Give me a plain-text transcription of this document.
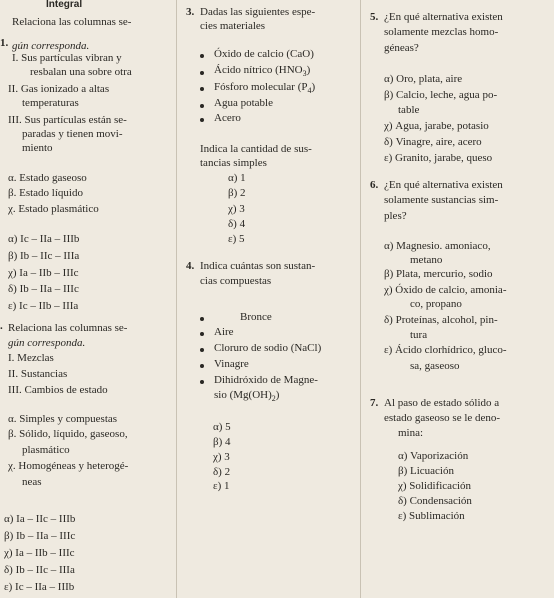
Integral
1.
Relaciona las columnas se-
gún corresponda.
I. Sus partículas vibran y
resbalan una sobre otra
II. Gas ionizado a altas
temperaturas
III. Sus partículas están se-
paradas y tienen movi-
miento
α. Estado gaseoso
β. Estado líquido
χ. Estado plasmático
α) Ic – IIa – IIIb
β) Ib – IIc – IIIa
χ) Ia – IIb – IIIc
δ) Ib – IIa – IIIc
ε) Ic – IIb – IIIa
. Relaciona las columnas se-
gún corresponda.
I. Mezclas
II. Sustancias
III. Cambios de estado
α. Simples y compuestas
β. Sólido, líquido, gaseoso,
plasmático
χ. Homogéneas y heterogé-
neas
α) Ia – IIc – IIIb
β) Ib – IIa – IIIc
χ) Ia – IIb – IIIc
δ) Ib – IIc – IIIa
ε) Ic – IIa – IIIb
3. Dadas las siguientes espe-
cies materiales
Óxido de calcio (CaO)
Ácido nítrico $(HNO_3)$
Fósforo molecular $(P_4)$
Agua potable
Acero
Indica la cantidad de sus-
tancias simples
α) 1
β) 2
χ) 3
δ) 4
ε) 5
4. Indica cuántas son sustan-
cias compuestas
Bronce
Aire
Cloruro de sodio (NaCl)
Vinagre
Dihidróxido de Magne-
sio $(Mg(OH)_2)$
α) 5
β) 4
χ) 3
δ) 2
ε) 1
5. ¿En qué alternativa existen
solamente mezclas homo-
géneas?
α) Oro, plata, aire
β) Calcio, leche, agua po-
table
χ) Agua, jarabe, potasio
δ) Vinagre, aire, acero
ε) Granito, jarabe, queso
6. ¿En qué alternativa existen
solamente sustancias sim-
ples?
α) Magnesio. amoniaco,
metano
β) Plata, mercurio, sodio
χ) Óxido de calcio, amonia-
co, propano
δ) Proteínas, alcohol, pin-
tura
ε) Ácido clorhídrico, gluco-
sa, gaseoso
7. Al paso de estado sólido a
estado gaseoso se le deno-
mina:
α) Vaporización
β) Licuación
χ) Solidificación
δ) Condensación
ε) Sublimación
